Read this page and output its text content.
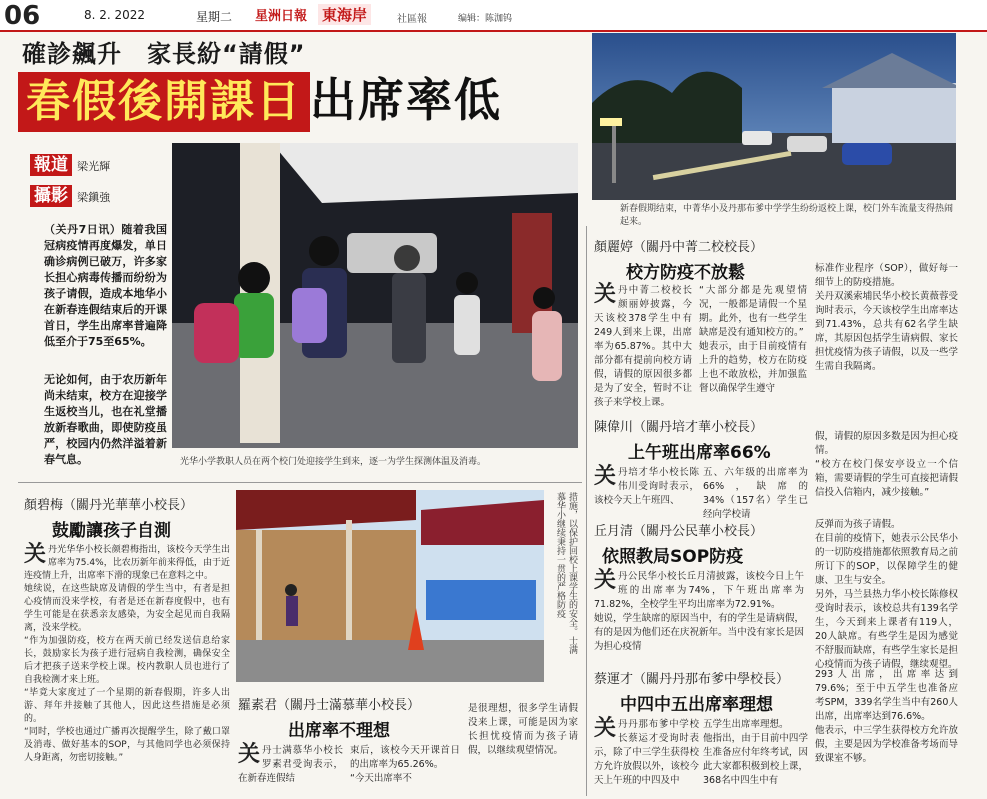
06	8. 2. 2022	星期二 星洲日報 東海岸	社區報	编辑：陈泇钨
確診飆升　家長紛“請假”
春假後開課日 出席率低
新春假期结束，中菁华小及丹那布爹中学学生纷纷返校上课，校门外车流量支得热闹起来。
報道 梁光輝
攝影 梁鎭強
（关丹7日讯）随着我国冠病疫情再度爆发，单日确诊病例已破万，许多家长担心病毒传播而纷纷为孩子请假，造成本地华小在新春连假结束后的开课首日，学生出席率普遍降低至介于75至65%。
无论如何，由于农历新年尚未结束，校方在迎接学生返校当儿，也在礼堂播放新春歌曲，即使防疫虽严，校园内仍然洋溢着新春气息。	光华小学教职人员在两个校门处迎接学生到来，逐一为学生探测体温及消毒。
顏麗婷（關丹中菁二校校長）
校方防疫不放鬆
关丹中菁二校校长颜丽婷披露，今天该校378学生中有249人到来上课，出席率为65.87%。其中大部分都有提前向校方请假，请假的原因很多都是为了安全，暂时不让孩子来学校上课。
“大部分都是先观望情况，一般都是请假一个星期。此外，也有一些学生缺席是没有通知校方的。”
她表示，由于目前疫情有上升的趋势，校方在防疫上也不敢放松，并加强监督以确保学生遵守
标准作业程序（SOP），做好每一细节上的防疫措施。
关丹双溪索埔民华小校长黄薇蓉受询时表示，今天该校学生出席率达到71.43%，总共有62名学生缺席，其原因包括学生请病假、家长担忧疫情为孩子请假，以及一些学生需自我隔离。
陳偉川（關丹培才華小校長）
上午班出席率66%
关丹培才华小校长陈伟川受询时表示，该校今天上午班四、
五、六年级的出席率为66%，缺席的34%（157名）学生已经向学校请
假，请假的原因多数是因为担心疫情。
“校方在校门保安亭设立一个信箱，需要请假的学生可直接把请假信投入信箱内，减少接触。”
丘月清（關丹公民華小校長）
依照教局SOP防疫
关丹公民华小校长丘月清披露，该校今日上午班的出席率为74%，下午班出席率为71.82%，全校学生平均出席率为72.91%。
她说，学生缺席的原因当中，有的学生是请病假，有的是因为他们还在庆祝新年。当中没有家长是因为担心疫情
反弹而为孩子请假。
在目前的疫情下，她表示公民华小的一切防疫措施都依照教育局之前所订下的SOP，以保障学生的健康、卫生与安全。
另外，马兰县热力华小校长陈修权受询时表示，该校总共有139名学生，今天到来上课者有119人，20人缺席。有些学生是因为感觉不舒服而缺席，有些学生家长是担心疫情而为孩子请假，继续观望。
蔡運才（關丹丹那布爹中學校長）
中四中五出席率理想
关丹丹那布爹中学校长蔡运才受询时表示，除了中三学生获得校方允许放假以外，该校今天上午班的中四及中
五学生出席率理想。
他指出，由于目前中四学生准备应付年终考试，因此大家都积极到校上课，368名中四生中有
293人出席，出席率达到79.6%；至于中五学生也准备应考SPM，339名学生当中有260人出席，出席率达到76.6%。
他表示，中三学生获得校方允许放假，主要是因为学校准备考场而导致课室不够。
顏碧梅（關丹光華華小校長）
鼓勵讓孩子自測
关丹光华华小校长颜碧梅指出，该校今天学生出席率为75.4%，比农历新年前来得低，由于近连疫情上升，出席率下滑的现象已在意料之中。
她续说，在这些缺席及请假的学生当中，有者是担心疫情而没来学校，有者是还在新春度假中，也有学生可能是在获悉亲友感染，为安全起见而自我隔离，没来学校。
“作为加强防疫，校方在两天前已经发送信息给家长，鼓励家长为孩子进行冠病自我检测，确保安全后才把孩子送来学校上课。校内教职人员也进行了自我检测才来上班。
“毕竟大家度过了一个星期的新春假期，许多人出游、拜年并接触了其他人，因此这些措施是必须的。
“同时，学校也通过广播再次提醒学生，除了戴口罩及消毒、做好基本的SOP，与其他同学也必须保持人身距离，勿密切接触。”
措施，以保护回校上课学生的安全。士满慕华小继续秉持一贯的严格防疫
羅素君（關丹士滿慕華小校長）
出席率不理想
关丹士满慕华小校长罗素君受询表示，在新春连假结
束后，该校今天开课首日的出席率为65.26%。
“今天出席率不
是很理想，很多学生请假没来上课，可能是因为家长担忧疫情而为孩子请假，以继续观望情况。
